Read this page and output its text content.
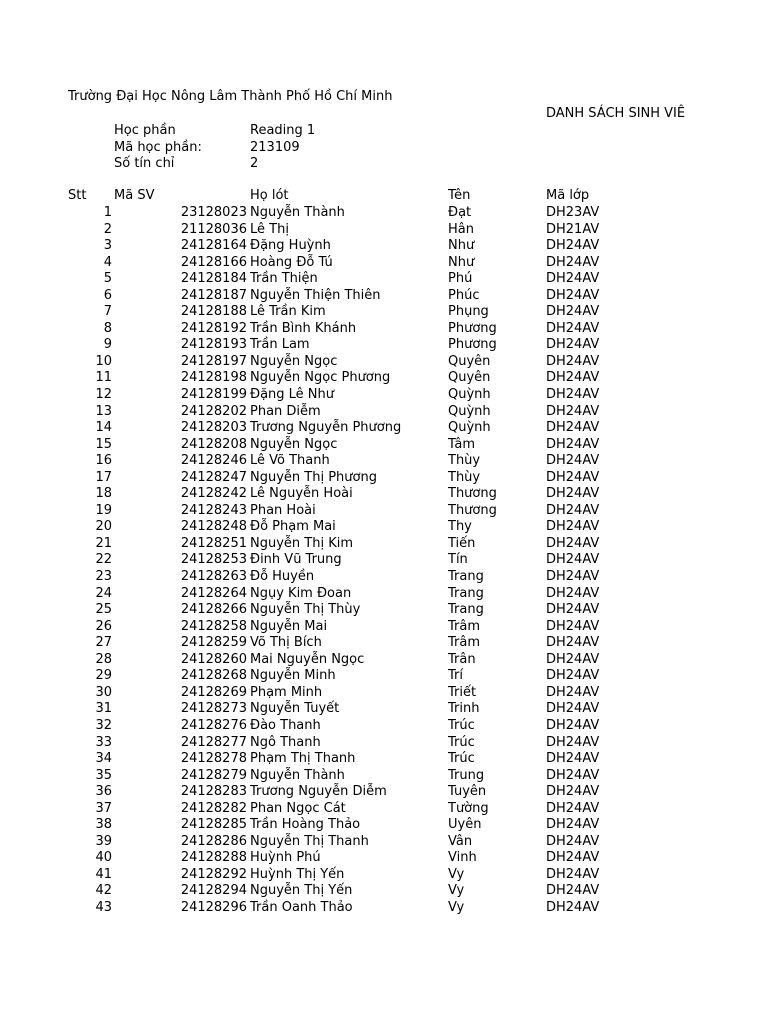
Trường Đại Học Nông Lâm Thành Phố Hồ Chí Minh
DANH SÁCH SINH VIÊ
Học phần	Reading 1
Mã học phần:	213109
Số tín chỉ	2
Stt Mã SV	Họ lót	Tên	Mã lớp
1	23128023 Nguyễn Thành	Đạt	DH23AV
2	21128036 Lê Thị	Hân	DH21AV
3	24128164 Đặng Huỳnh	Như	DH24AV
4	24128166 Hoàng Đỗ Tú	Như	DH24AV
5	24128184 Trần Thiện	Phú	DH24AV
6	24128187 Nguyễn Thiện Thiên	Phúc	DH24AV
7	24128188 Lê Trần Kim	Phụng	DH24AV
8	24128192 Trần Bình Khánh	Phương	DH24AV
9	24128193 Trần Lam	Phương	DH24AV
10	24128197 Nguyễn Ngọc	Quyên	DH24AV
11	24128198 Nguyễn Ngọc Phương	Quyên	DH24AV
12	24128199 Đặng Lê Như	Quỳnh	DH24AV
13	24128202 Phan Diễm	Quỳnh	DH24AV
14	24128203 Trương Nguyễn Phương	Quỳnh	DH24AV
15	24128208 Nguyễn Ngọc	Tâm	DH24AV
16	24128246 Lê Võ Thanh	Thùy	DH24AV
17	24128247 Nguyễn Thị Phương	Thùy	DH24AV
18	24128242 Lê Nguyễn Hoài	Thương	DH24AV
19	24128243 Phan Hoài	Thương	DH24AV
20	24128248 Đỗ Phạm Mai	Thy	DH24AV
21	24128251 Nguyễn Thị Kim	Tiến	DH24AV
22	24128253 Đinh Vũ Trung	Tín	DH24AV
23	24128263 Đỗ Huyền	Trang	DH24AV
24	24128264 Ngụy Kim Đoan	Trang	DH24AV
25	24128266 Nguyễn Thị Thùy	Trang	DH24AV
26	24128258 Nguyễn Mai	Trâm	DH24AV
27	24128259 Võ Thị Bích	Trâm	DH24AV
28	24128260 Mai Nguyễn Ngọc	Trân	DH24AV
29	24128268 Nguyễn Minh	Trí	DH24AV
30	24128269 Phạm Minh	Triết	DH24AV
31	24128273 Nguyễn Tuyết	Trinh	DH24AV
32	24128276 Đào Thanh	Trúc	DH24AV
33	24128277 Ngô Thanh	Trúc	DH24AV
34	24128278 Phạm Thị Thanh	Trúc	DH24AV
35	24128279 Nguyễn Thành	Trung	DH24AV
36	24128283 Trương Nguyễn Diễm	Tuyên	DH24AV
37	24128282 Phan Ngọc Cát	Tường	DH24AV
38	24128285 Trần Hoàng Thảo	Uyên	DH24AV
39	24128286 Nguyễn Thị Thanh	Vân	DH24AV
40	24128288 Huỳnh Phú	Vinh	DH24AV
41	24128292 Huỳnh Thị Yến	Vy	DH24AV
42	24128294 Nguyễn Thị Yến	Vy	DH24AV
43	24128296 Trần Oanh Thảo	Vy	DH24AV
